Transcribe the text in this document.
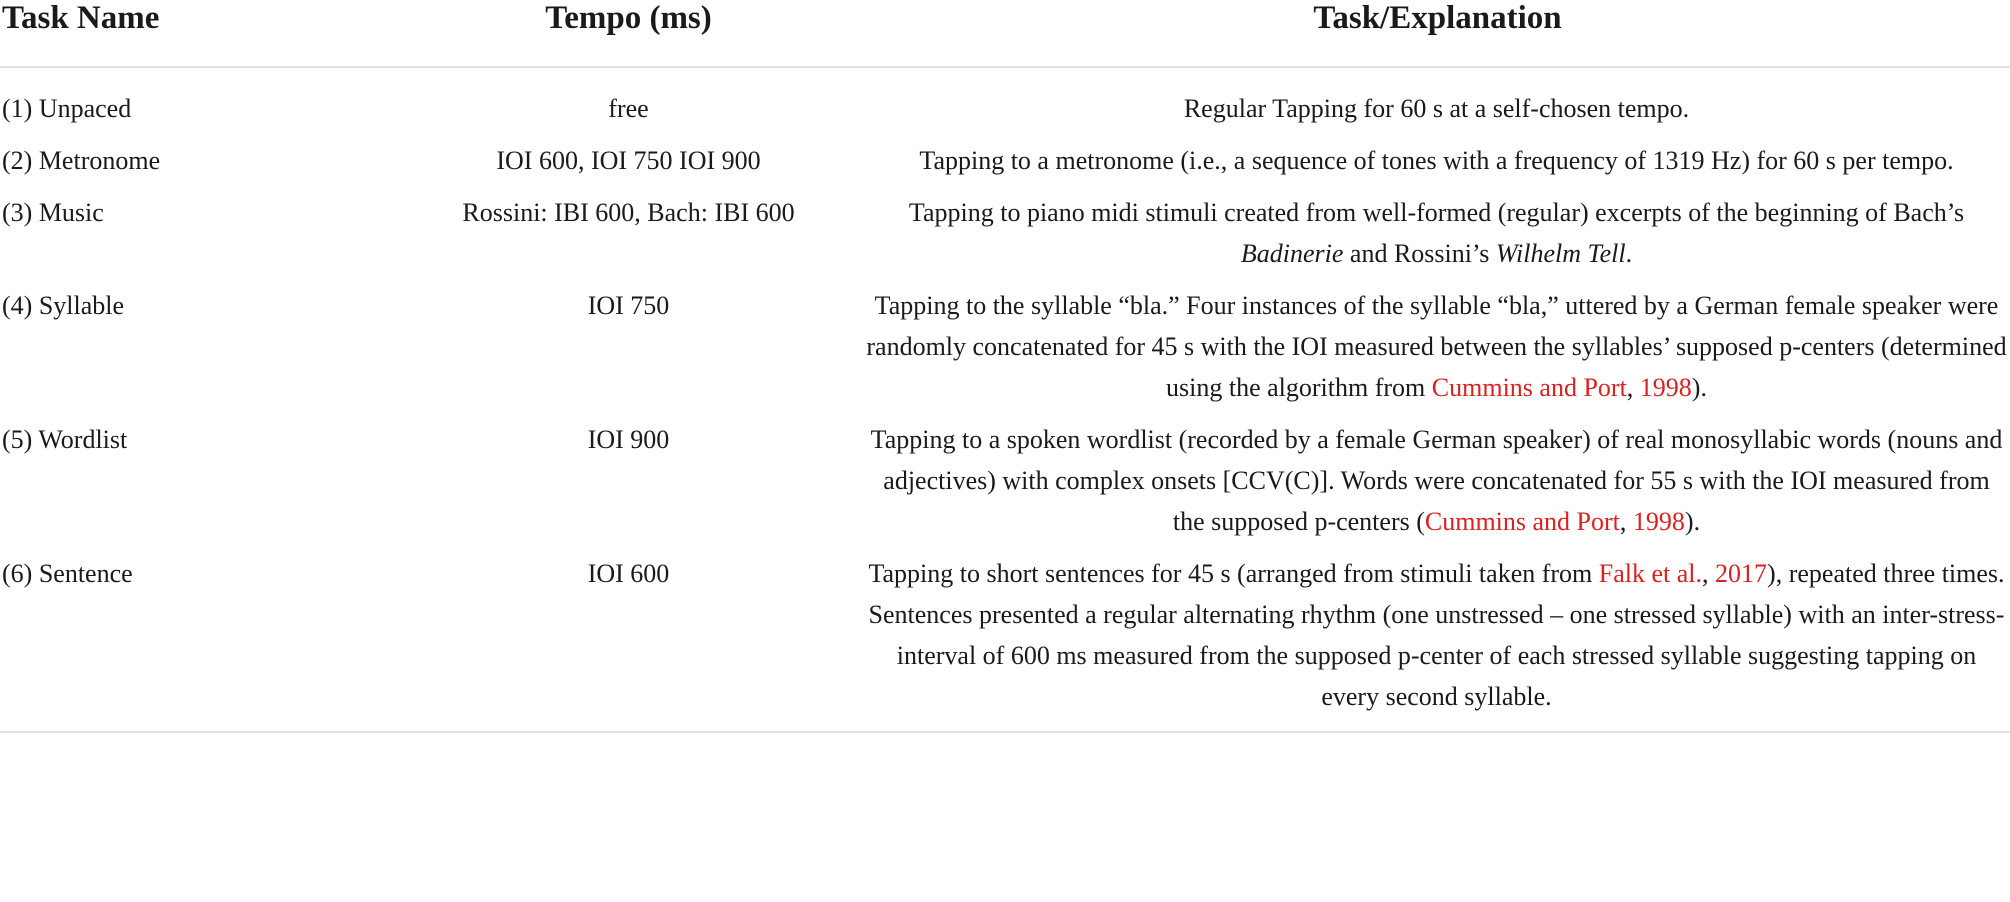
Task Name	Tempo (ms)	Task/Explanation
(1) Unpaced	free	Regular Tapping for 60 s at a self-chosen tempo.
(2) Metronome	IOI 600, IOI 750 IOI 900	Tapping to a metronome (i.e., a sequence of tones with a frequency of 1319 Hz) for 60 s per tempo.
(3) Music	Rossini: IBI 600, Bach: IBI 600	Tapping to piano midi stimuli created from well-formed (regular) excerpts of the beginning of Bach’s Badinerie and Rossini’s Wilhelm Tell.
(4) Syllable	IOI 750	Tapping to the syllable “bla.” Four instances of the syllable “bla,” uttered by a German female speaker were randomly concatenated for 45 s with the IOI measured between the syllables’ supposed p-centers (determined using the algorithm from Cummins and Port, 1998).
(5) Wordlist	IOI 900	Tapping to a spoken wordlist (recorded by a female German speaker) of real monosyllabic words (nouns and adjectives) with complex onsets [CCV(C)]. Words were concatenated for 55 s with the IOI measured from the supposed p-centers (Cummins and Port, 1998).
(6) Sentence	IOI 600	Tapping to short sentences for 45 s (arranged from stimuli taken from Falk et al., 2017), repeated three times. Sentences presented a regular alternating rhythm (one unstressed – one stressed syllable) with an inter-stress-interval of 600 ms measured from the supposed p-center of each stressed syllable suggesting tapping on every second syllable.
